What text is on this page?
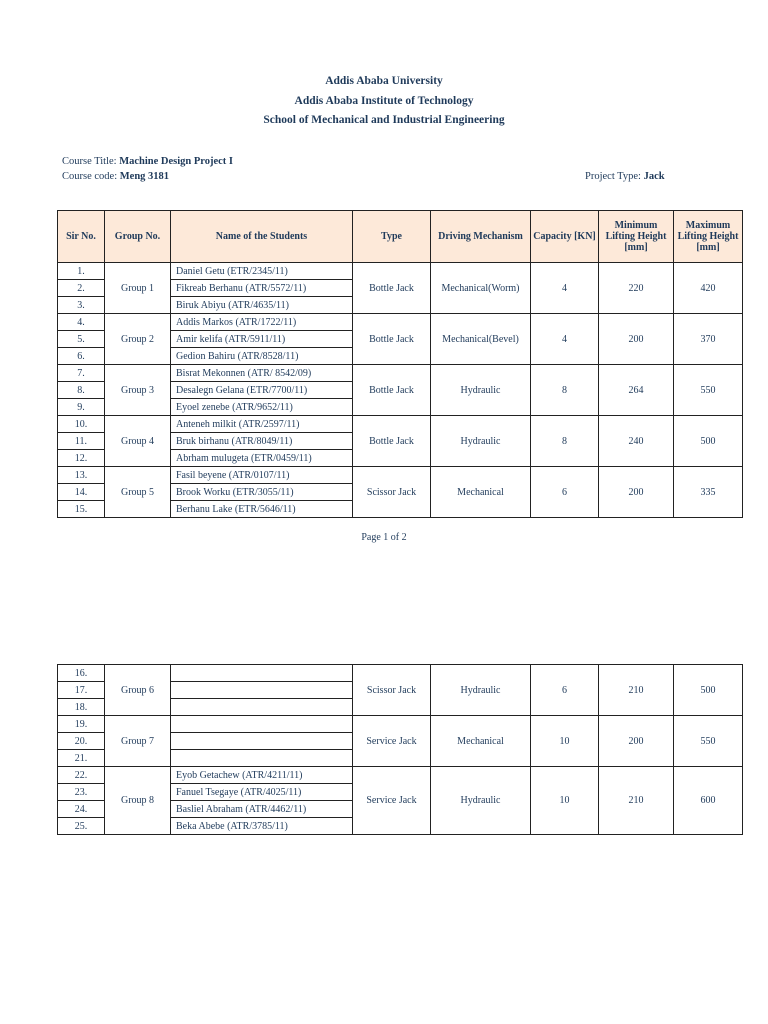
Addis Ababa University
Addis Ababa Institute of Technology
School of Mechanical and Industrial Engineering
Course Title: Machine Design Project I
Course code: Meng 3181	Project Type: Jack
Sir No.	Group No.	Name of the Students	Type	Driving Mechanism	Capacity [KN]	Minimum Lifting Height [mm]	Maximum Lifting Height [mm]
1.	Group 1	Daniel Getu (ETR/2345/11)	Bottle Jack	Mechanical(Worm)	4	220	420
2.		Fikreab Berhanu (ATR/5572/11)					
3.		Biruk Abiyu (ATR/4635/11)					
4.	Group 2	Addis Markos (ATR/1722/11)	Bottle Jack	Mechanical(Bevel)	4	200	370
5.		Amir kelifa (ATR/5911/11)					
6.		Gedion Bahiru (ATR/8528/11)					
7.	Group 3	Bisrat Mekonnen (ATR/ 8542/09)	Bottle Jack	Hydraulic	8	264	550
8.		Desalegn Gelana (ETR/7700/11)					
9.		Eyoel zenebe (ATR/9652/11)					
10.	Group 4	Anteneh milkit (ATR/2597/11)	Bottle Jack	Hydraulic	8	240	500
11.		Bruk birhanu (ATR/8049/11)					
12.		Abrham mulugeta (ETR/0459/11)					
13.	Group 5	Fasil beyene (ATR/0107/11)	Scissor Jack	Mechanical	6	200	335
14.		Brook Worku (ETR/3055/11)					
15.		Berhanu Lake (ETR/5646/11)					
Page 1 of 2
16.	Group 6		Scissor Jack	Hydraulic	6	210	500
17.							
18.							
19.	Group 7		Service Jack	Mechanical	10	200	550
20.							
21.							
22.	Group 8	Eyob Getachew (ATR/4211/11)	Service Jack	Hydraulic	10	210	600
23.		Fanuel Tsegaye (ATR/4025/11)					
24.		Basliel Abraham (ATR/4462/11)					
25.		Beka Abebe (ATR/3785/11)					
